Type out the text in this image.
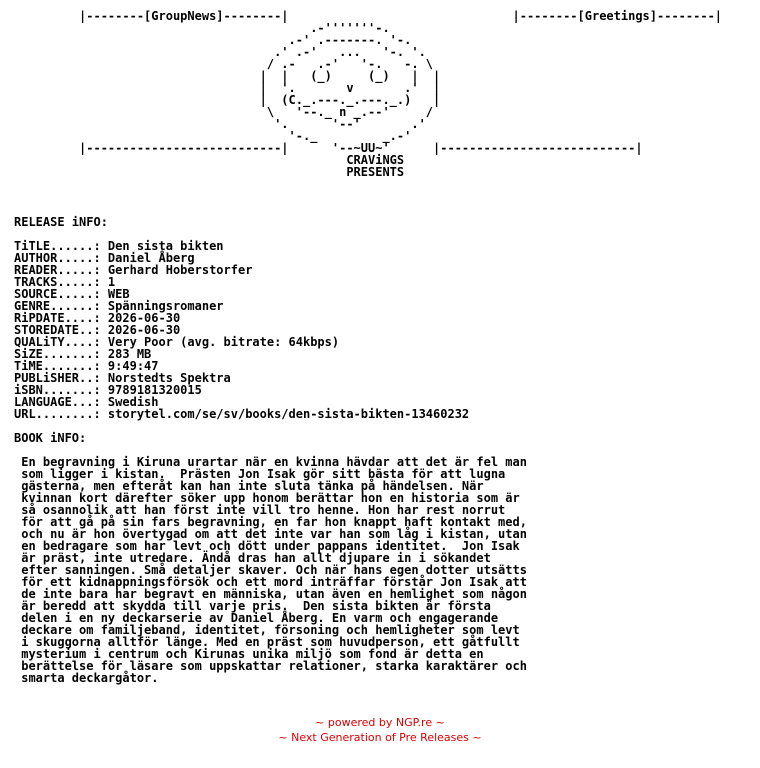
|--------[GroupNews]--------|                               |--------[Greetings]--------|
.-'''''''-.
.-' .-------. '-.
.' .-'   ...   '-. '.
/ .-   .-'   '-.   -. \
|  |   (_)     (_)   |  |
|  '.       v       .'  |
|  (C._.---._.---._.)   |
\   '--._ n _.--'     /
'.      '--'       .'
'-._         _.-'
|---------------------------|      '--~UU~'      |---------------------------|
CRAViNGS
PRESENTS
RELEASE iNFO:

TiTLE......: Den sista bikten
AUTHOR.....: Daniel Åberg
READER.....: Gerhard Hoberstorfer
TRACKS.....: 1
SOURCE.....: WEB
GENRE......: Spänningsromaner
RiPDATE....: 2026-06-30
STOREDATE..: 2026-06-30
QUALiTY....: Very Poor (avg. bitrate: 64kbps)
SiZE.......: 283 MB
TiME.......: 9:49:47
PUBLiSHER..: Norstedts Spektra
iSBN.......: 9789181320015
LANGUAGE...: Swedish
URL........: storytel.com/se/sv/books/den-sista-bikten-13460232

BOOK iNFO:

En begravning i Kiruna urartar när en kvinna hävdar att det är fel man
som ligger i kistan.  Prästen Jon Isak gör sitt bästa för att lugna
gästerna, men efteråt kan han inte sluta tänka på händelsen. När
kvinnan kort därefter söker upp honom berättar hon en historia som är
så osannolik att han först inte vill tro henne. Hon har rest norrut
för att gå på sin fars begravning, en far hon knappt haft kontakt med,
och nu är hon övertygad om att det inte var han som låg i kistan, utan
en bedragare som har levt och dött under pappans identitet.  Jon Isak
är präst, inte utredare. Ändå dras han allt djupare in i sökandet
efter sanningen. Små detaljer skaver. Och när hans egen dotter utsätts
för ett kidnappningsförsök och ett mord inträffar förstår Jon Isak att
de inte bara har begravt en människa, utan även en hemlighet som någon
är beredd att skydda till varje pris.  Den sista bikten är första
delen i en ny deckarserie av Daniel Åberg. En varm och engagerande
deckare om familjeband, identitet, försoning och hemligheter som levt
i skuggorna alltför länge. Med en präst som huvudperson, ett gåtfullt
mysterium i centrum och Kirunas unika miljö som fond är detta en
berättelse för läsare som uppskattar relationer, starka karaktärer och
smarta deckargåtor.
~ powered by NGP.re ~
~ Next Generation of Pre Releases ~
